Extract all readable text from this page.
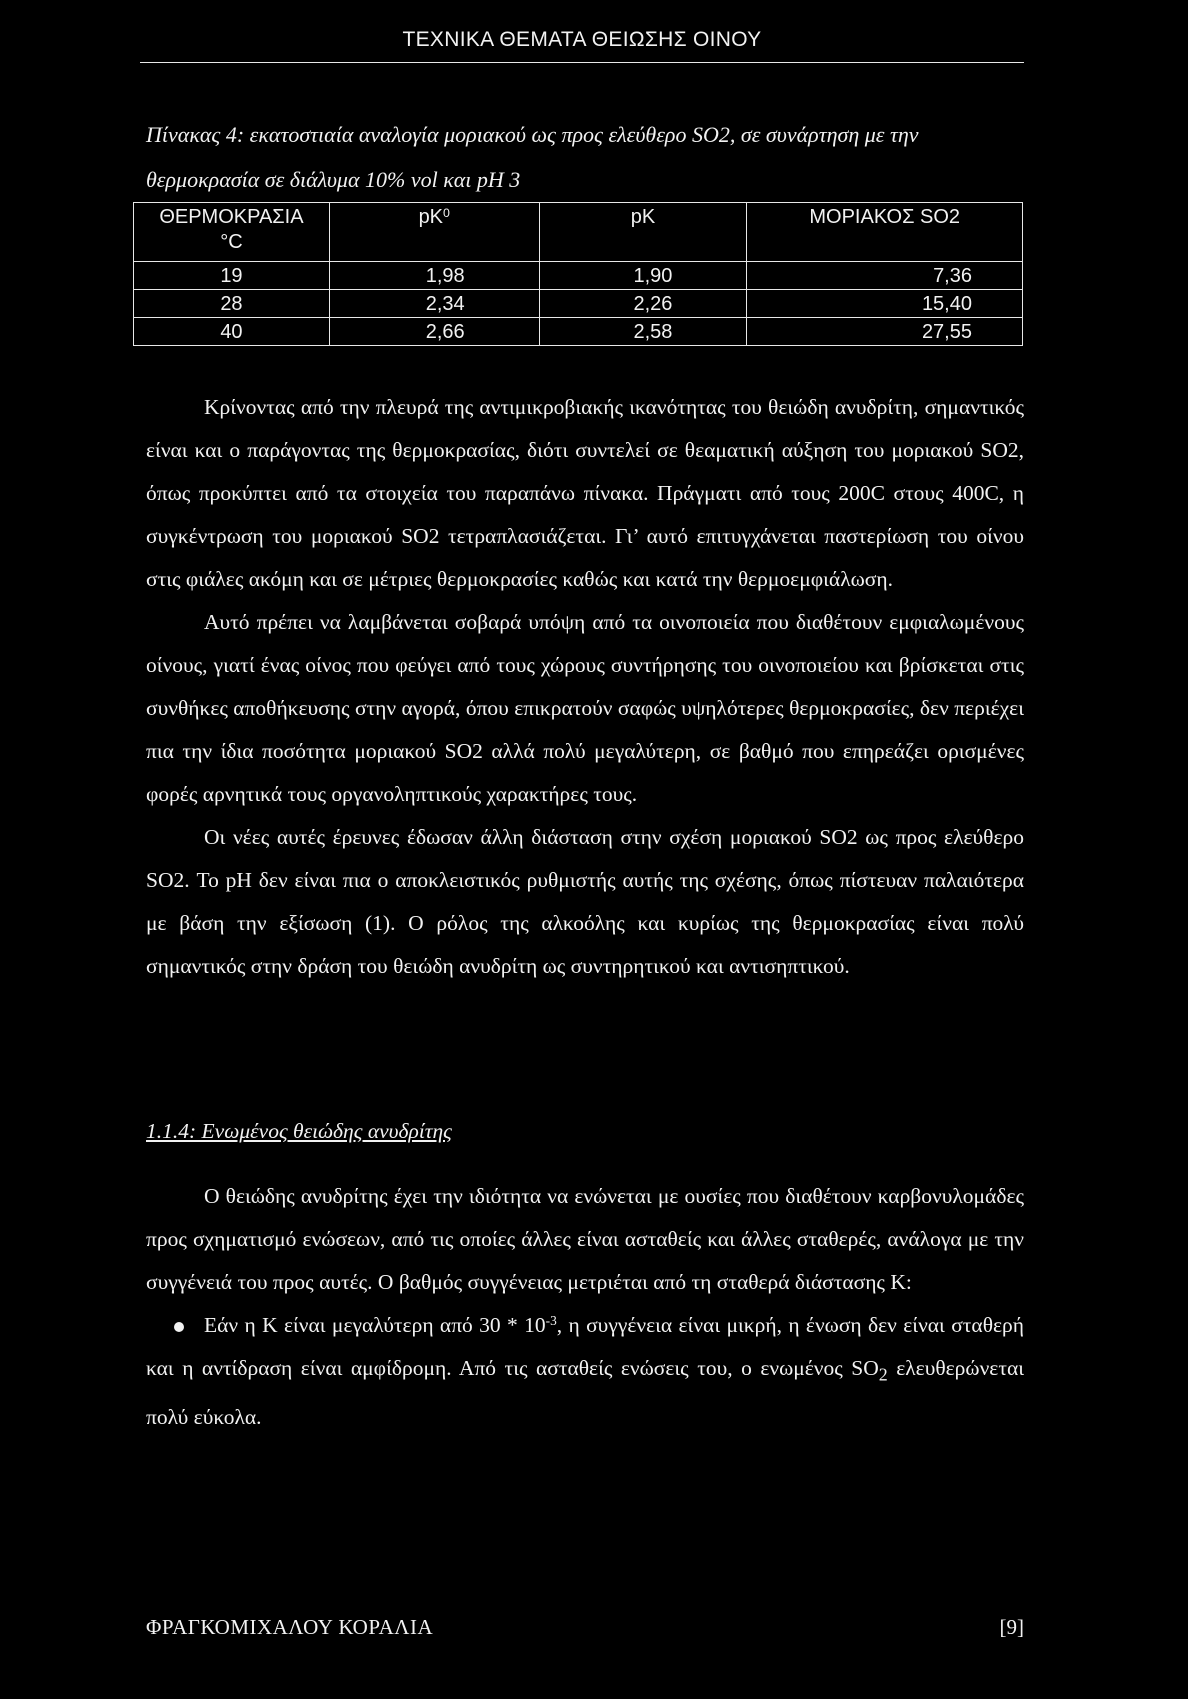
ΤΕΧΝΙΚΑ ΘΕΜΑΤΑ ΘΕΙΩΣΗΣ ΟΙΝΟΥ
Πίνακας 4: εκατοστιαία αναλογία μοριακού ως προς ελεύθερο SO2, σε συνάρτηση με την θερμοκρασία σε διάλυμα 10% vol και pH 3
ΘΕΡΜΟΚΡΑΣΙΑ
°C	$pK^0$	pK	ΜΟΡΙΑΚΟΣ SO2
19	1,98	1,90	7,36
28	2,34	2,26	15,40
40	2,66	2,58	27,55

Κρίνοντας από την πλευρά της αντιμικροβιακής ικανότητας του θειώδη ανυδρίτη, σημαντικός είναι και ο παράγοντας της θερμοκρασίας, διότι συντελεί σε θεαματική αύξηση του μοριακού SO2, όπως προκύπτει από τα στοιχεία του παραπάνω πίνακα. Πράγματι από τους 200C στους 400C, η συγκέντρωση του μοριακού SO2 τετραπλασιάζεται. Γι’ αυτό επιτυγχάνεται παστερίωση του οίνου στις φιάλες ακόμη και σε μέτριες θερμοκρασίες καθώς και κατά την θερμοεμφιάλωση.

Αυτό πρέπει να λαμβάνεται σοβαρά υπόψη από τα οινοποιεία που διαθέτουν εμφιαλωμένους οίνους, γιατί ένας οίνος που φεύγει από τους χώρους συντήρησης του οινοποιείου και βρίσκεται στις συνθήκες αποθήκευσης στην αγορά, όπου επικρατούν σαφώς υψηλότερες θερμοκρασίες, δεν περιέχει πια την ίδια ποσότητα μοριακού SO2 αλλά πολύ μεγαλύτερη, σε βαθμό που επηρεάζει ορισμένες φορές αρνητικά τους οργανοληπτικούς χαρακτήρες τους.

Οι νέες αυτές έρευνες έδωσαν άλλη διάσταση στην σχέση μοριακού SO2 ως προς ελεύθερο SO2. Το pH δεν είναι πια ο αποκλειστικός ρυθμιστής αυτής της σχέσης, όπως πίστευαν παλαιότερα με βάση την εξίσωση (1). Ο ρόλος της αλκοόλης και κυρίως της θερμοκρασίας είναι πολύ σημαντικός στην δράση του θειώδη ανυδρίτη ως συντηρητικού και αντισηπτικού.

1.1.4: Ενωμένος θειώδης ανυδρίτης

Ο θειώδης ανυδρίτης έχει την ιδιότητα να ενώνεται με ουσίες που διαθέτουν καρβονυλομάδες προς σχηματισμό ενώσεων, από τις οποίες άλλες είναι ασταθείς και άλλες σταθερές, ανάλογα με την συγγένειά του προς αυτές. Ο βαθμός συγγένειας μετριέται από τη σταθερά διάστασης Κ:

Εάν η Κ είναι μεγαλύτερη από $30 * 10^{-3}$, η συγγένεια είναι μικρή, η ένωση δεν είναι σταθερή και η αντίδραση είναι αμφίδρομη. Από τις ασταθείς ενώσεις του, ο ενωμένος $SO_2$ ελευθερώνεται πολύ εύκολα.

ΦΡΑΓΚΟΜΙΧΑΛΟΥ ΚΟΡΑΛΙΑ	[9]
